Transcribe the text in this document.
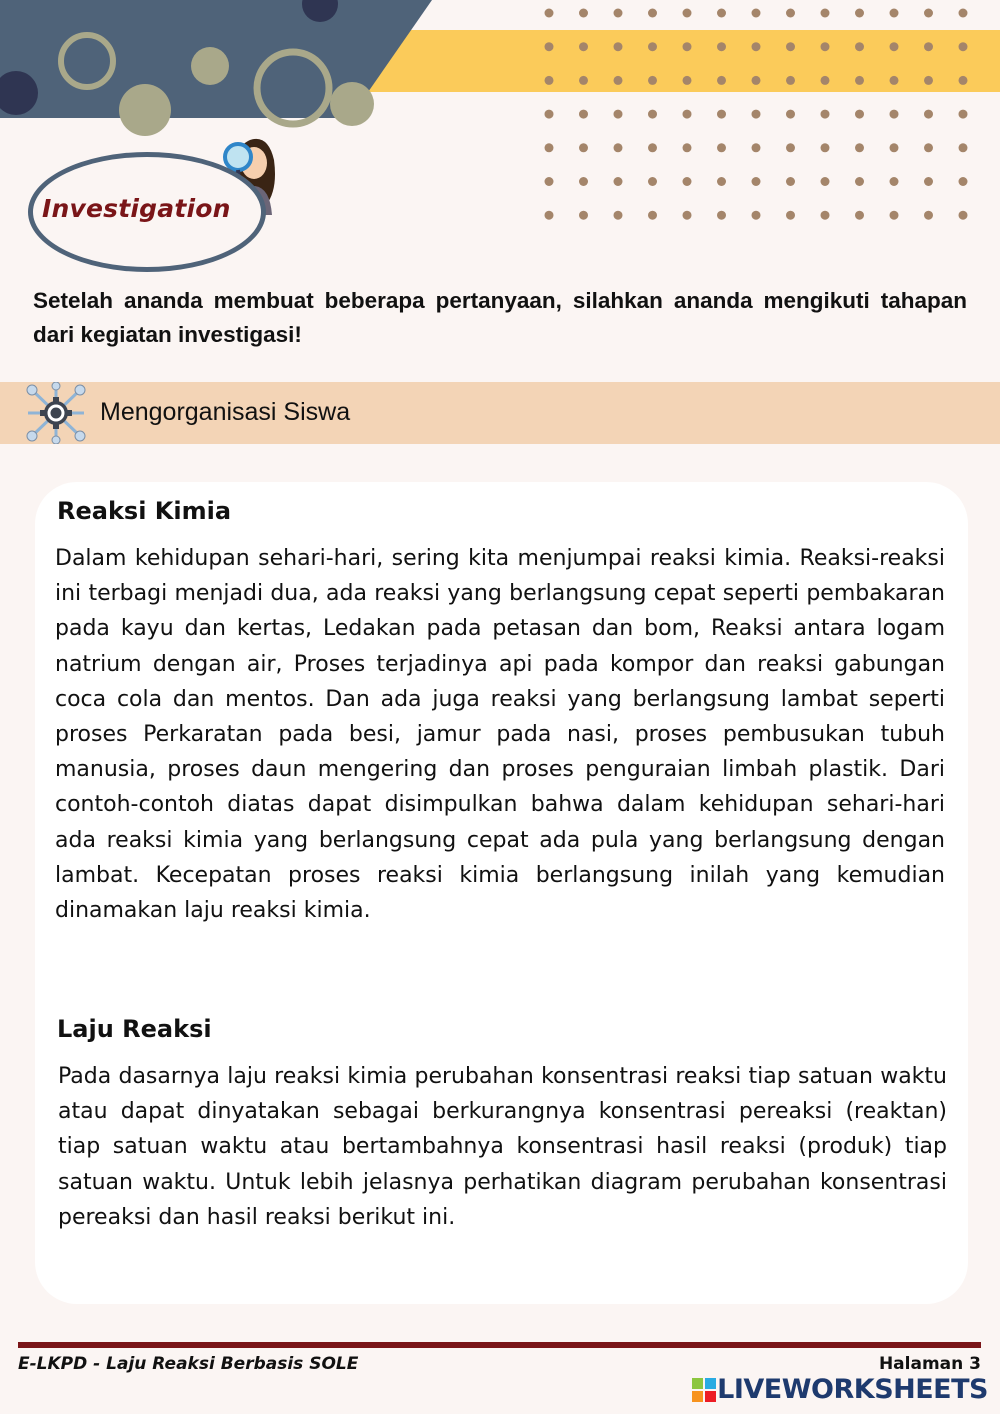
Investigation
Setelah ananda membuat beberapa pertanyaan, silahkan ananda mengikuti tahapan dari kegiatan investigasi!
Mengorganisasi Siswa
Reaksi Kimia
Dalam kehidupan sehari-hari, sering kita menjumpai reaksi kimia. Reaksi-reaksi ini terbagi menjadi dua, ada reaksi yang berlangsung cepat seperti pembakaran pada kayu dan kertas, Ledakan pada petasan dan bom, Reaksi antara logam natrium dengan air, Proses terjadinya api pada kompor dan reaksi gabungan coca cola dan mentos. Dan ada juga reaksi yang berlangsung lambat seperti proses Perkaratan pada besi, jamur pada nasi, proses pembusukan tubuh manusia, proses daun mengering dan proses penguraian limbah plastik. Dari contoh-contoh diatas dapat disimpulkan bahwa dalam kehidupan sehari-hari ada reaksi kimia yang berlangsung cepat ada pula yang berlangsung dengan lambat. Kecepatan proses reaksi kimia berlangsung inilah yang kemudian dinamakan laju reaksi kimia.
Laju Reaksi
Pada dasarnya laju reaksi kimia perubahan konsentrasi reaksi tiap satuan waktu atau dapat dinyatakan sebagai berkurangnya konsentrasi pereaksi (reaktan) tiap satuan waktu atau bertambahnya konsentrasi hasil reaksi (produk) tiap satuan waktu. Untuk lebih jelasnya perhatikan diagram perubahan konsentrasi pereaksi dan hasil reaksi berikut ini.
E-LKPD - Laju Reaksi Berbasis SOLE	Halaman 3
LIVEWORKSHEETS
